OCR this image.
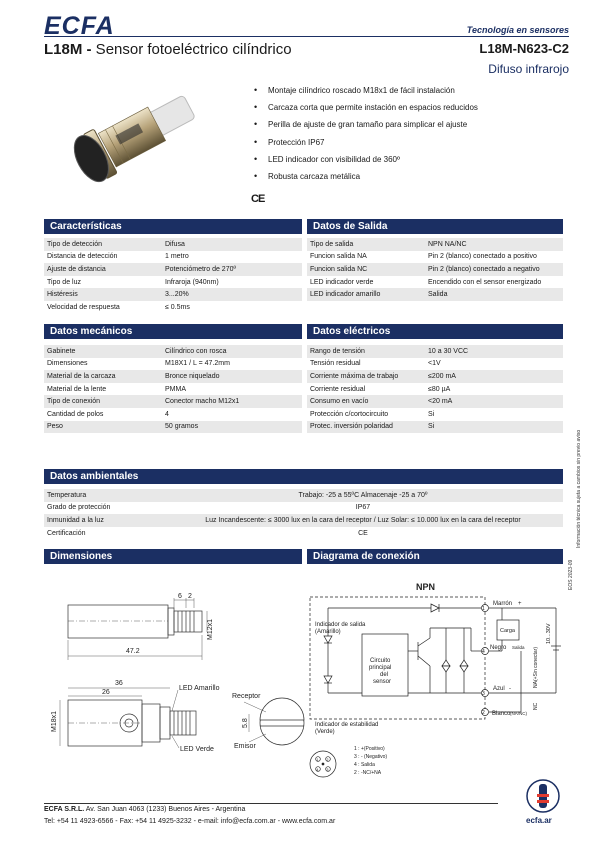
ECFA	Tecnología en sensores
L18M - Sensor fotoeléctrico cilíndrico	L18M-N623-C2
Difuso infrarojo
• Montaje cilíndrico roscado M18x1 de fácil instalación
• Carcaza corta que permite instación en espacios reducidos
• Perilla de ajuste de gran tamaño para simplicar el ajuste
• Protección IP67
• LED indicador con visibilidad de 360º
• Robusta carcaza metálica
CE
Características
Tipo de detección	Difusa
Distancia de detección	1 metro
Ajuste de distancia	Potenciómetro de 270º
Tipo de luz	Infraroja (940nm)
Histéresis	3...20%
Velocidad de respuesta	≤ 0.5ms
Datos de Salida
Tipo de salida	NPN NA/NC
Funcion salida NA	Pin 2 (blanco) conectado a positivo
Funcion salida NC	Pin 2 (blanco) conectado a negativo
LED indicador verde	Encendido con el sensor energizado
LED indicador amarillo	Salida
Datos mecánicos
Gabinete	Cilíndrico con rosca
Dimensiones	M18X1 / L = 47.2mm
Material de la carcaza	Bronce niquelado
Material de la lente	PMMA
Tipo de conexión	Conector macho M12x1
Cantidad de polos	4
Peso	50 gramos

Datos eléctricos
Rango de tensión	10 a 30 VCC
Tensión residual	<1V
Corriente máxima de trabajo	≤200 mA
Corriente residual	≤80 µA
Consumo en vacío	<20 mA
Protección c/cortocircuito	Si
Protec. inversión polaridad	Si

Datos ambientales
Temperatura	Trabajo: -25 a 55ºC Almacenaje -25 a 70º
Grado de protección	IP67
Inmunidad a la luz	Luz Incandescente: ≤ 3000 lux en la cara del receptor / Luz Solar: ≤ 10.000 lux en la cara del receptor
Certificación	CE
Dimensiones	Diagrama de conexión
6 2
M12x1
47.2
36
26
M18x1
LED Amarillo
LED Verde
Receptor
5.8
Emisor
NPN
1
4
3
2
Indicador de salida
(Amarillo)
Indicador de estabilidad
(Verde)
Circuito
principal
del
sensor
Carga
Marrón +
Negro Salida
Azul -
Blanco (NA/NC)
10...30V
NA(+Sin conectar)
NC
1 2
3
4
1 : +(Positivo)
3 : - (Negativo)
4 : Salida
2 : -NC/+NA
EOS 2023-09
Información técnica sujeta a cambios sin previo aviso
ECFA S.R.L. Av. San Juan 4063 (1233) Buenos Aires - Argentina
Tel: +54 11 4923-6566 - Fax: +54 11 4925-3232 - e-mail: info@ecfa.com.ar - www.ecfa.com.ar	ecfa.ar
